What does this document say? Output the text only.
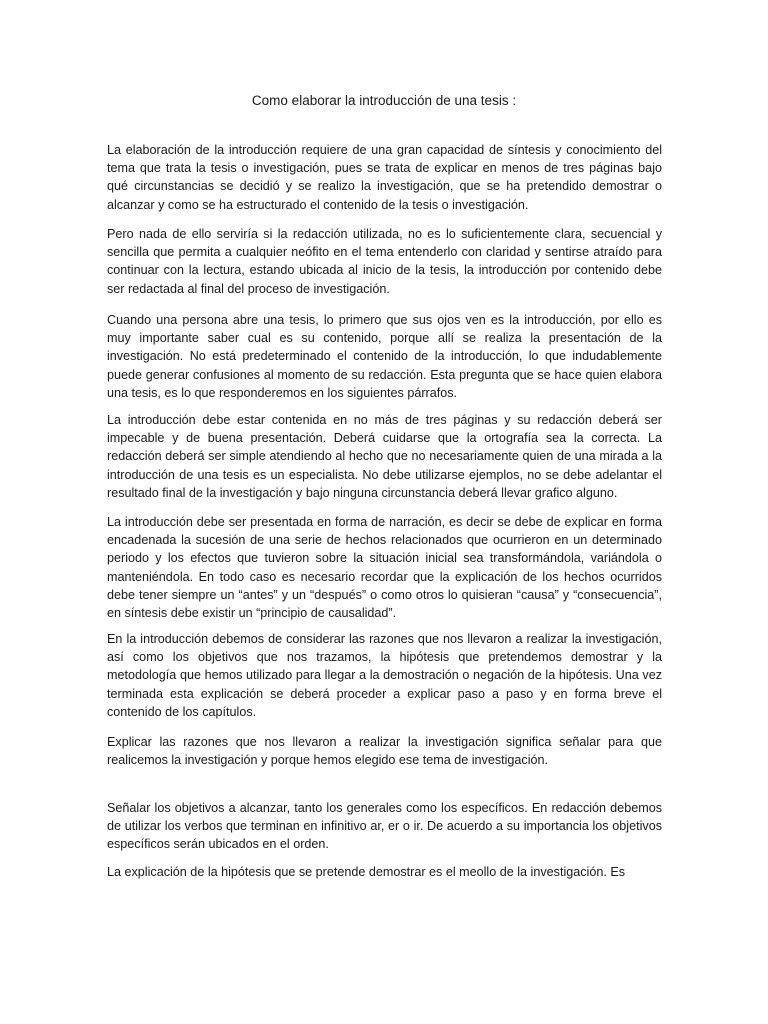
Como elaborar la introducción de una tesis :

La elaboración de la introducción requiere de una gran capacidad de síntesis y conocimiento del tema que trata la tesis o investigación, pues se trata de explicar en menos de tres páginas bajo qué circunstancias se decidió y se realizo la investigación, que se ha pretendido demostrar o alcanzar y como se ha estructurado el contenido de la tesis o investigación.

Pero nada de ello serviría si la redacción utilizada, no es lo suficientemente clara, secuencial y sencilla que permita a cualquier neófito en el tema entenderlo con claridad y sentirse atraído para continuar con la lectura, estando ubicada al inicio de la tesis, la introducción por contenido debe ser redactada al final del proceso de investigación.

Cuando una persona abre una tesis, lo primero que sus ojos ven es la introducción, por ello es muy importante saber cual es su contenido, porque allí se realiza la presentación de la investigación. No está predeterminado el contenido de la introducción, lo que indudablemente puede generar confusiones al momento de su redacción. Esta pregunta que se hace quien elabora una tesis, es lo que responderemos en los siguientes párrafos.

La introducción debe estar contenida en no más de tres páginas y su redacción deberá ser impecable y de buena presentación. Deberá cuidarse que la ortografía sea la correcta. La redacción deberá ser simple atendiendo al hecho que no necesariamente quien de una mirada a la introducción de una tesis es un especialista. No debe utilizarse ejemplos, no se debe adelantar el resultado final de la investigación y bajo ninguna circunstancia deberá llevar grafico alguno.

La introducción debe ser presentada en forma de narración, es decir se debe de explicar en forma encadenada la sucesión de una serie de hechos relacionados que ocurrieron en un determinado periodo y los efectos que tuvieron sobre la situación inicial sea transformándola, variándola o manteniéndola. En todo caso es necesario recordar que la explicación de los hechos ocurridos debe tener siempre un “antes” y un “después” o como otros lo quisieran “causa” y “consecuencia”, en síntesis debe existir un “principio de causalidad”.

En la introducción debemos de considerar las razones que nos llevaron a realizar la investigación, así como los objetivos que nos trazamos, la hipótesis que pretendemos demostrar y la metodología que hemos utilizado para llegar a la demostración o negación de la hipótesis. Una vez terminada esta explicación se deberá proceder a explicar paso a paso y en forma breve el contenido de los capítulos.

Explicar las razones que nos llevaron a realizar la investigación significa señalar para que realicemos la investigación y porque hemos elegido ese tema de investigación.

Señalar los objetivos a alcanzar, tanto los generales como los específicos. En redacción debemos de utilizar los verbos que terminan en infinitivo ar, er o ir. De acuerdo a su importancia los objetivos específicos serán ubicados en el orden.

La explicación de la hipótesis que se pretende demostrar es el meollo de la investigación. Es
